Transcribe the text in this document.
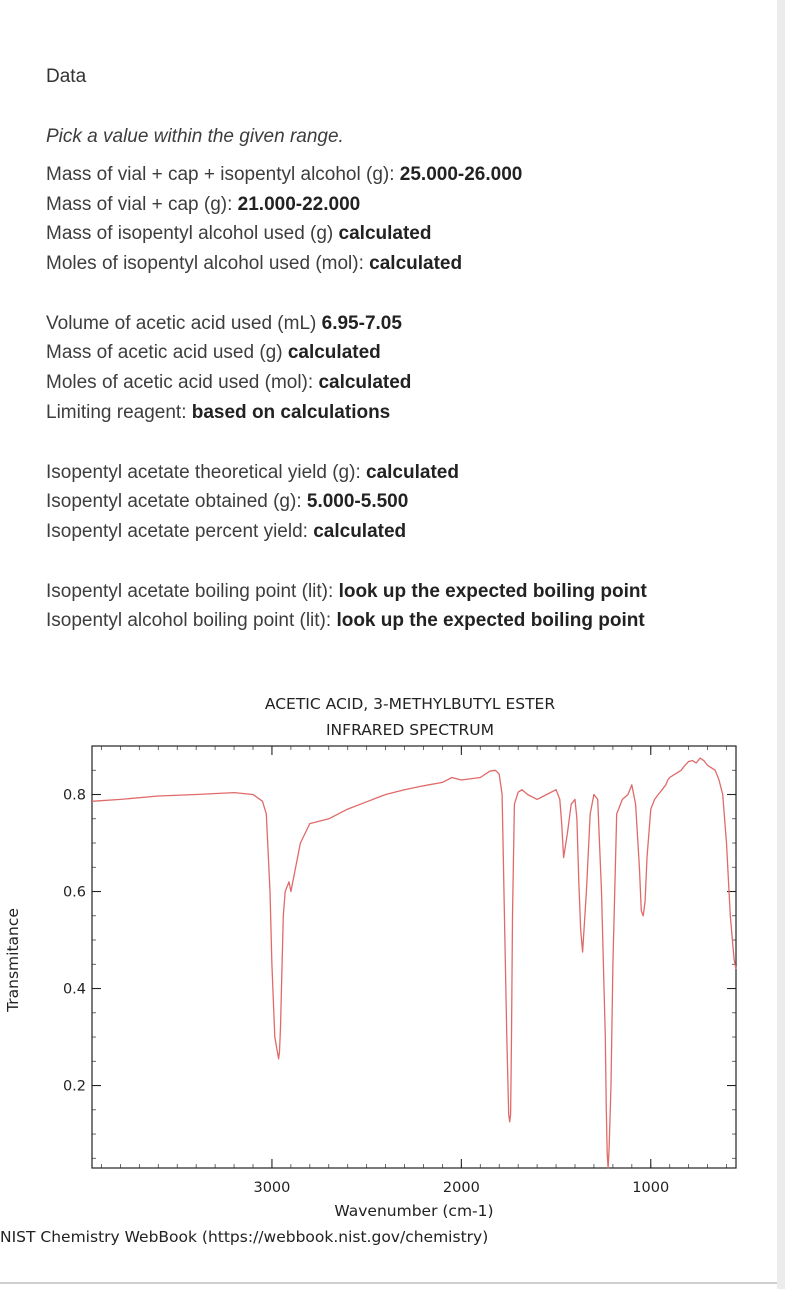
Data
Pick a value within the given range.
Mass of vial + cap + isopentyl alcohol (g): 25.000-26.000
Mass of vial + cap (g): 21.000-22.000
Mass of isopentyl alcohol used (g) calculated
Moles of isopentyl alcohol used (mol): calculated
Volume of acetic acid used (mL) 6.95-7.05
Mass of acetic acid used (g) calculated
Moles of acetic acid used (mol): calculated
Limiting reagent: based on calculations
Isopentyl acetate theoretical yield (g): calculated
Isopentyl acetate obtained (g): 5.000-5.500
Isopentyl acetate percent yield: calculated
Isopentyl acetate boiling point (lit): look up the expected boiling point
Isopentyl alcohol boiling point (lit): look up the expected boiling point
3000	2000	1000
0.8
0.6
0.4
0.2
ACETIC ACID, 3-METHYLBUTYL ESTER
INFRARED SPECTRUM
Wavenumber (cm-1)
Transmitance
NIST Chemistry WebBook (https://webbook.nist.gov/chemistry)
